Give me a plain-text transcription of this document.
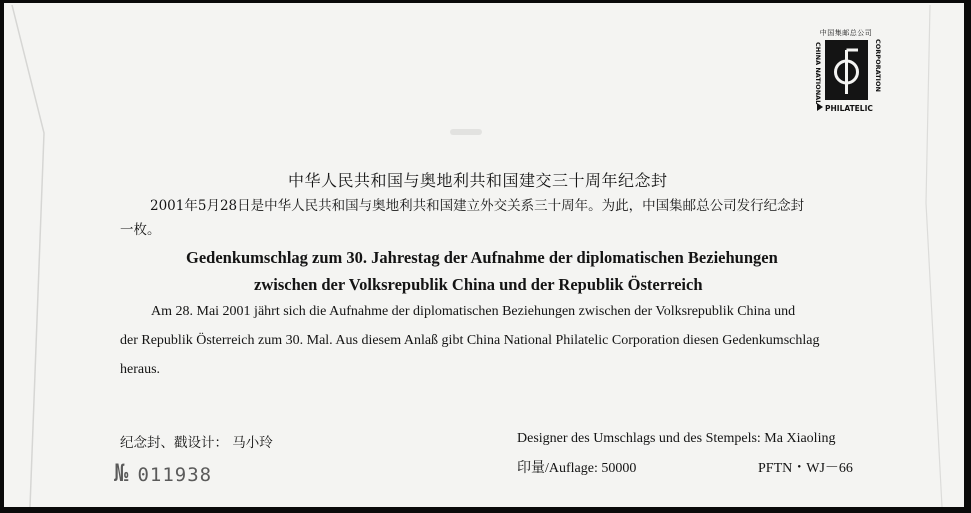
中国集邮总公司
CHINA NATIONAL	CORPORATION
PHILATELIC
中华人民共和国与奥地利共和国建交三十周年纪念封
2001年5月28日是中华人民共和国与奥地利共和国建立外交关系三十周年。为此，中国集邮总公司发行纪念封
一枚。
Gedenkumschlag zum 30. Jahrestag der Aufnahme der diplomatischen Beziehungen
zwischen der Volksrepublik China und der Republik Österreich
Am 28. Mai 2001 jährt sich die Aufnahme der diplomatischen Beziehungen zwischen der Volksrepublik China und
der Republik Österreich zum 30. Mal. Aus diesem Anlaß gibt China National Philatelic Corporation diesen Gedenkumschlag
heraus.
纪念封、戳设计： 马小玲	Designer des Umschlags und des Stempels: Ma Xiaoling
印量/Auflage: 50000	PFTN・WJ－66
№ 011938
